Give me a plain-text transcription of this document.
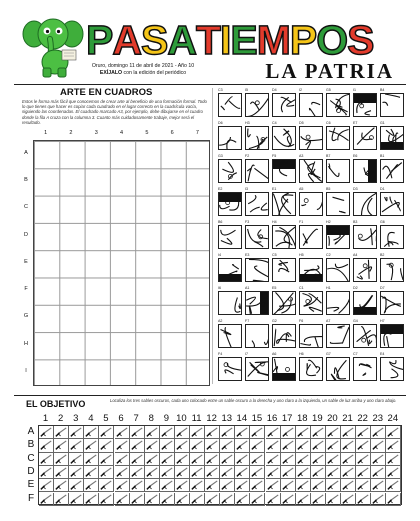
P A S A T I E M P O S
Oruro, domingo 11 de abril de 2021 - Año 10
EXÍJALO con la edición del periódico	LA PATRIA
ARTE EN CUADROS
Estos le forma más fácil que conocemos de crear arte al beneficio de una formación formal. Todo lo que tienes que hacer es copiar cada cuadrado en el lugar correcto en la cuadrícula vacía, siguiendo las coordenadas. El cuadrado marcado A3, por ejemplo, debe dibujarse en el cuadro donde la fila A cruza con la columna 3. Cuanto más cuidadosamente trabaje, mejor será el resultado.
1	2	3	4	5	6	7
A
B
C
D
E
F
G
H
I
C3	I5	D4	I2	G5	I1	B4
D6	H3	C4	D5	C6	E7	G1
G3	F2	F5	A3	B7	E6	B1
E2	I3	E1	A5	B5	D3	D1
B6	F3	H4	F1	H2	B3	G6
I4	E3	C5	H5	C2	A4	B2
I6	A1	E5	C1	H1	D2	D7
A2	F7	G2	F6	A7	G4	H7
F4	I7	A6	H6	G7	C7	E4
EL OBJETIVO	Localiza los tres sables oscuros, cada uno colocado entre un sable oscuro a la derecha y uno claro a la izquierda, un sable de luz arriba y uno claro abajo.
1	2	3	4	5	6	7	8	9 10 11 12 13 14 15 16 17 18 19 20 21 22 23 24
A
B
C
D
E
F
